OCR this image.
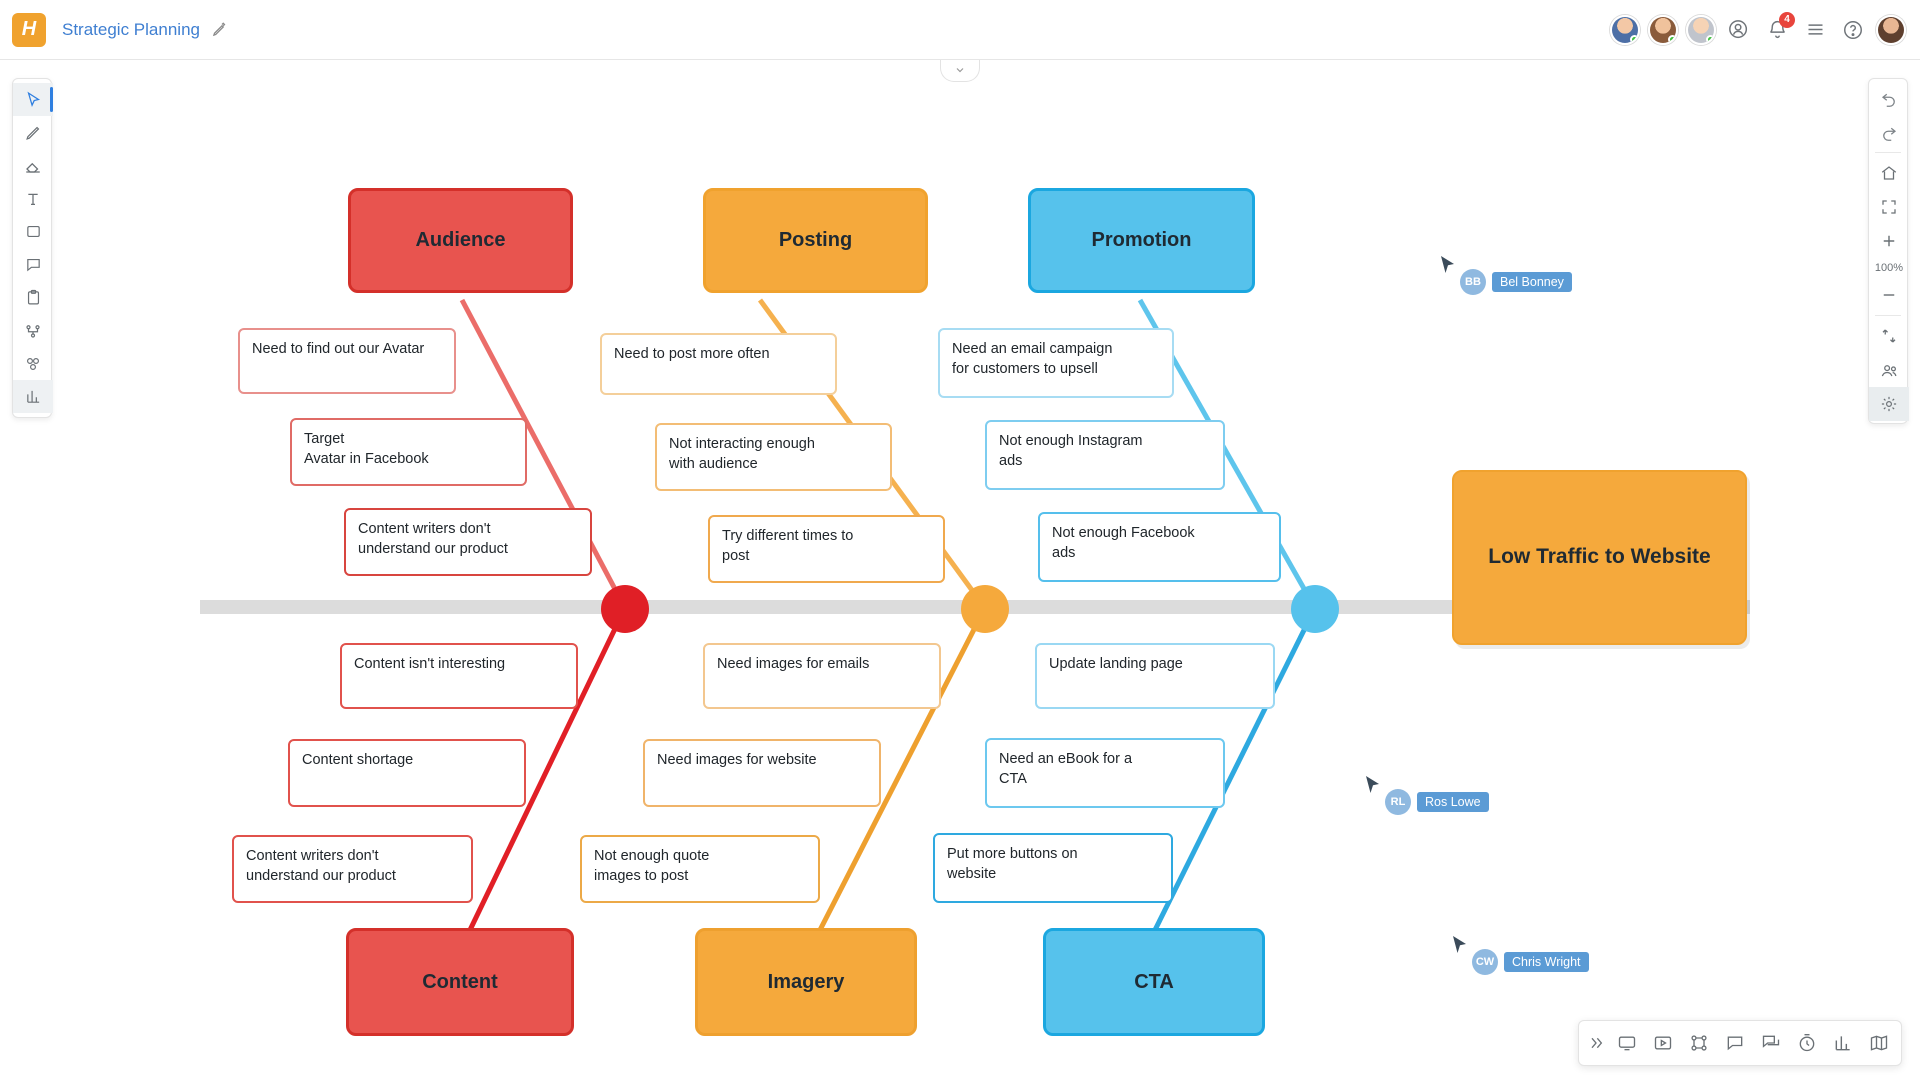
H	Strategic Planning	4
100%
Low Traffic to Website
Audience	Posting	Promotion
Content	Imagery	CTA
Need to find out our Avatar
Target
Avatar in Facebook
Content writers don't
understand our product
Need to post more often
Not interacting enough
with audience
Try different times to
post
Need an email campaign
for customers to upsell
Not enough Instagram
ads
Not enough Facebook
ads
Content isn't interesting
Content shortage
Content writers don't
understand our product
Need images for emails
Need images for website
Not enough quote
images to post
Update landing page
Need an eBook for a
CTA
Put more buttons on
website
BB	Bel Bonney
RL	Ros Lowe
CW	Chris Wright
